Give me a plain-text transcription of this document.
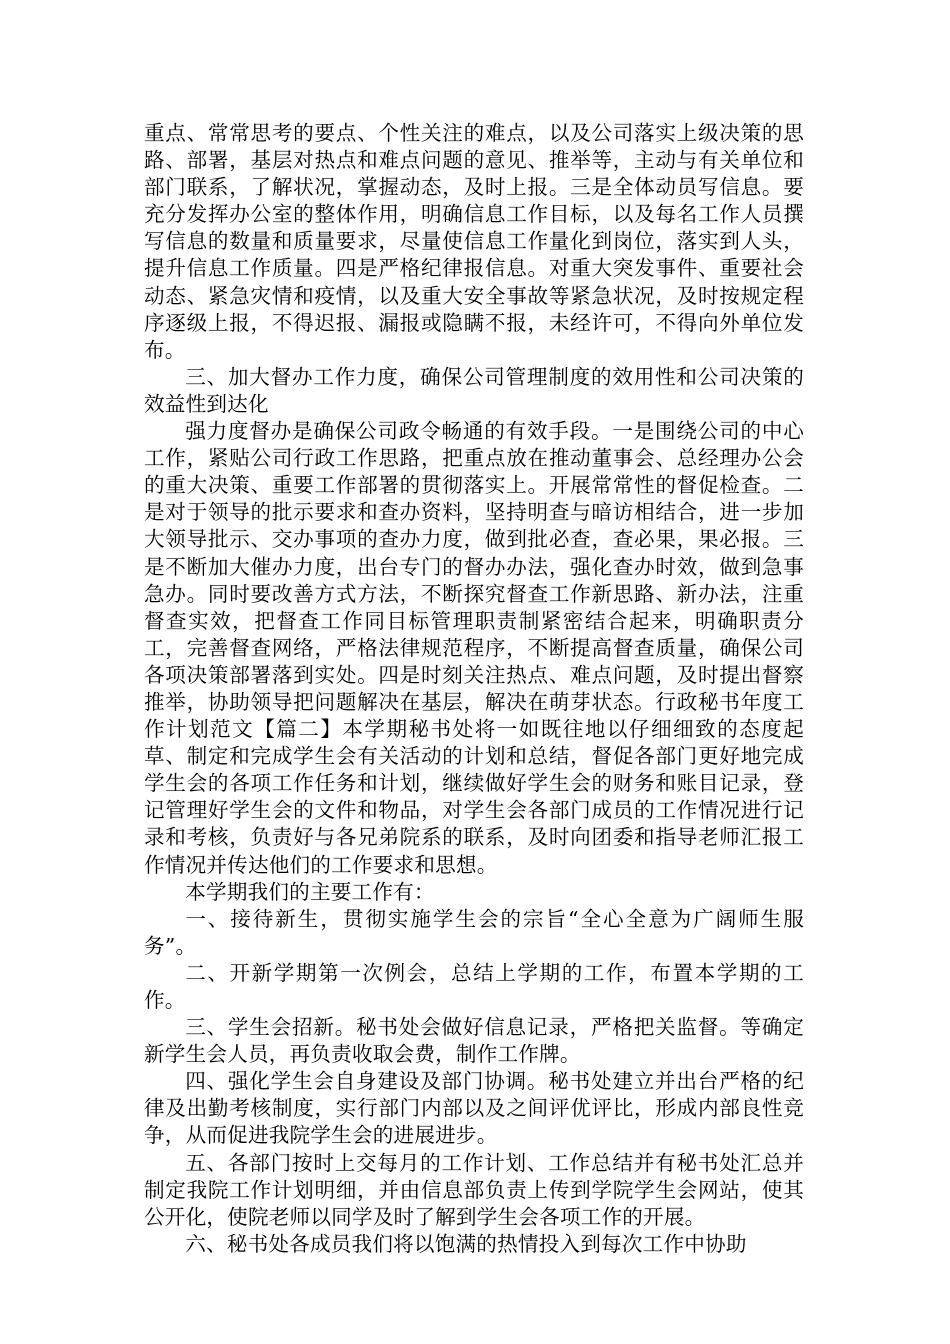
重点、常常思考的要点、个性关注的难点，以及公司落实上级决策的思路、部署，基层对热点和难点问题的意见、推举等，主动与有关单位和部门联系，了解状况，掌握动态，及时上报。三是全体动员写信息。要充分发挥办公室的整体作用，明确信息工作目标，以及每名工作人员撰写信息的数量和质量要求，尽量使信息工作量化到岗位，落实到人头，提升信息工作质量。四是严格纪律报信息。对重大突发事件、重要社会动态、紧急灾情和疫情，以及重大安全事故等紧急状况，及时按规定程序逐级上报，不得迟报、漏报或隐瞒不报，未经许可，不得向外单位发布。

三、加大督办工作力度，确保公司管理制度的效用性和公司决策的效益性到达化

强力度督办是确保公司政令畅通的有效手段。一是围绕公司的中心工作，紧贴公司行政工作思路，把重点放在推动董事会、总经理办公会的重大决策、重要工作部署的贯彻落实上。开展常常性的督促检查。二是对于领导的批示要求和查办资料，坚持明查与暗访相结合，进一步加大领导批示、交办事项的查办力度，做到批必查，查必果，果必报。三是不断加大催办力度，出台专门的督办办法，强化查办时效，做到急事急办。同时要改善方式方法，不断探究督查工作新思路、新办法，注重督查实效，把督查工作同目标管理职责制紧密结合起来，明确职责分工，完善督查网络，严格法律规范程序，不断提高督查质量，确保公司各项决策部署落到实处。四是时刻关注热点、难点问题，及时提出督察推举，协助领导把问题解决在基层，解决在萌芽状态。行政秘书年度工作计划范文【篇二】本学期秘书处将一如既往地以仔细细致的态度起草、制定和完成学生会有关活动的计划和总结，督促各部门更好地完成学生会的各项工作任务和计划，继续做好学生会的财务和账目记录，登记管理好学生会的文件和物品，对学生会各部门成员的工作情况进行记录和考核，负责好与各兄弟院系的联系，及时向团委和指导老师汇报工作情况并传达他们的工作要求和思想。

本学期我们的主要工作有：

一、接待新生，贯彻实施学生会的宗旨“全心全意为广阔师生服务”。

二、开新学期第一次例会，总结上学期的工作，布置本学期的工作。

三、学生会招新。秘书处会做好信息记录，严格把关监督。等确定新学生会人员，再负责收取会费，制作工作牌。

四、强化学生会自身建设及部门协调。秘书处建立并出台严格的纪律及出勤考核制度，实行部门内部以及之间评优评比，形成内部良性竞争，从而促进我院学生会的进展进步。

五、各部门按时上交每月的工作计划、工作总结并有秘书处汇总并制定我院工作计划明细，并由信息部负责上传到学院学生会网站，使其公开化，使院老师以同学及时了解到学生会各项工作的开展。

六、秘书处各成员我们将以饱满的热情投入到每次工作中协助
